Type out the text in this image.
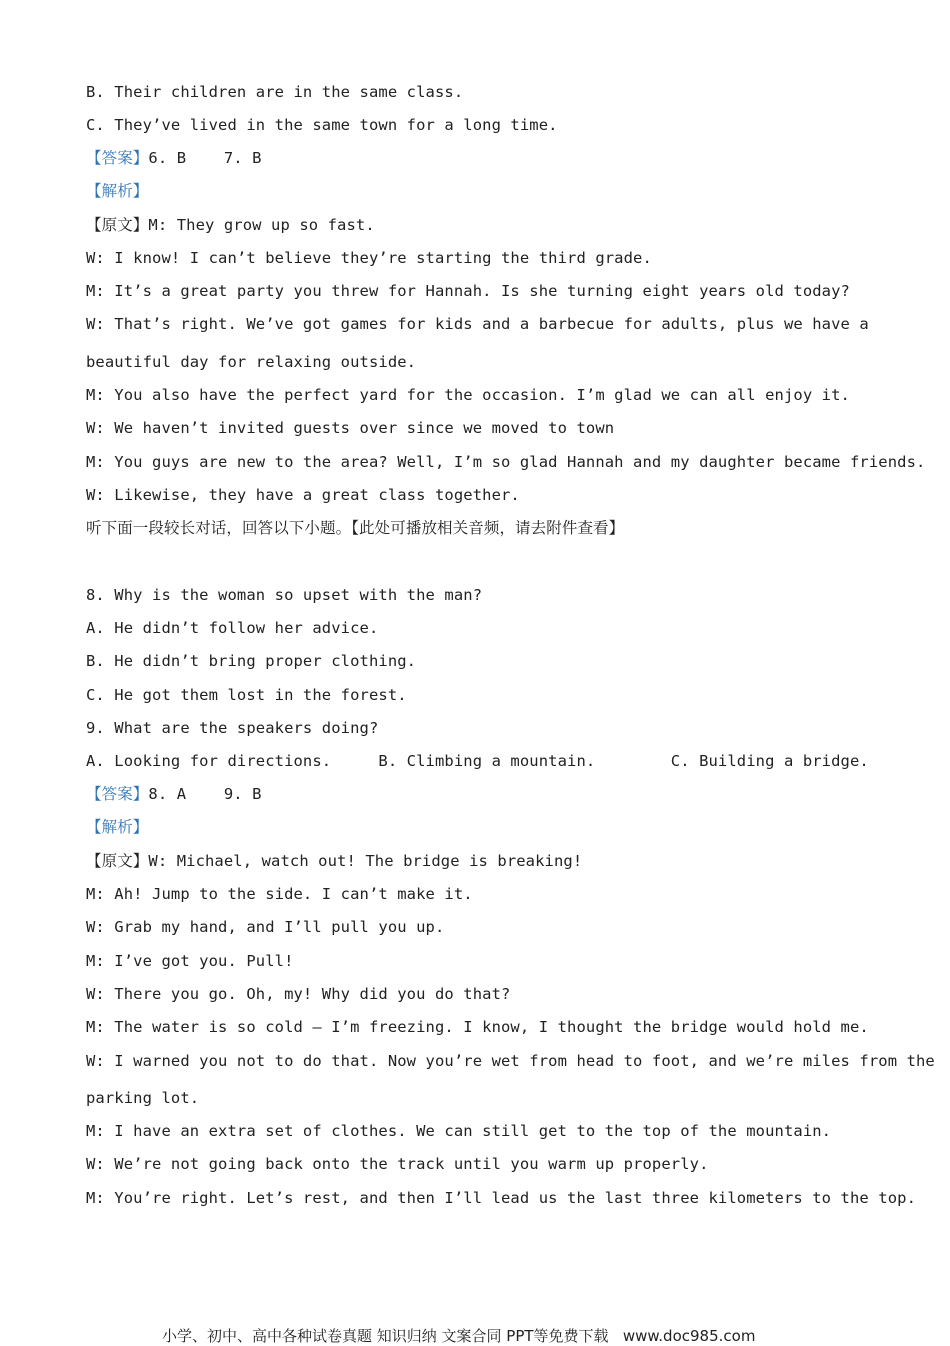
B. Their children are in the same class.
C. They’ve lived in the same town for a long time.
【答案】6. B    7. B
【解析】
【原文】M: They grow up so fast.
W: I know! I can’t believe they’re starting the third grade.
M: It’s a great party you threw for Hannah. Is she turning eight years old today?
W: That’s right. We’ve got games for kids and a barbecue for adults, plus we have a
beautiful day for relaxing outside.
M: You also have the perfect yard for the occasion. I’m glad we can all enjoy it.
W: We haven’t invited guests over since we moved to town
M: You guys are new to the area? Well, I’m so glad Hannah and my daughter became friends.
W: Likewise, they have a great class together.
听下面一段较长对话，回答以下小题。【此处可播放相关音频，请去附件查看】
8. Why is the woman so upset with the man?
A. He didn’t follow her advice.
B. He didn’t bring proper clothing.
C. He got them lost in the forest.
9. What are the speakers doing?
A. Looking for directions.     B. Climbing a mountain.        C. Building a bridge.
【答案】8. A    9. B
【解析】
【原文】W: Michael, watch out! The bridge is breaking!
M: Ah! Jump to the side. I can’t make it.
W: Grab my hand, and I’ll pull you up.
M: I’ve got you. Pull!
W: There you go. Oh, my! Why did you do that?
M: The water is so cold — I’m freezing. I know, I thought the bridge would hold me.
W: I warned you not to do that. Now you’re wet from head to foot, and we’re miles from the
parking lot.
M: I have an extra set of clothes. We can still get to the top of the mountain.
W: We’re not going back onto the track until you warm up properly.
M: You’re right. Let’s rest, and then I’ll lead us the last three kilometers to the top.
小学、初中、高中各种试卷真题 知识归纳 文案合同 PPT等免费下载   www.doc985.com
